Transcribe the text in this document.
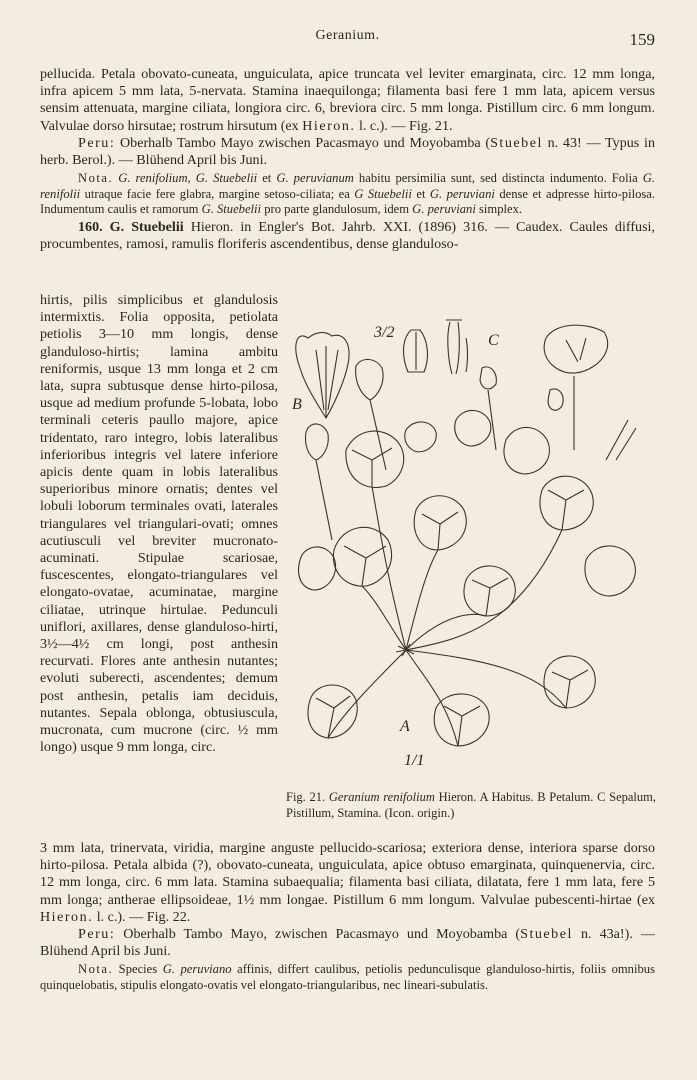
Geranium.	159

pellucida. Petala obovato-cuneata, unguiculata, apice truncata vel leviter emarginata, circ. 12 mm longa, infra apicem 5 mm lata, 5-nervata. Stamina inaequilonga; filamenta basi fere 1 mm lata, apicem versus sensim attenuata, margine ciliata, longiora circ. 6, breviora circ. 5 mm longa. Pistillum circ. 6 mm longum. Valvulae dorso hirsutae; rostrum hirsutum (ex Hieron. l. c.). — Fig. 21.

Peru: Oberhalb Tambo Mayo zwischen Pacasmayo und Moyobamba (Stuebel n. 43! — Typus in herb. Berol.). — Blühend April bis Juni.

Nota. G. renifolium, G. Stuebelii et G. peruvianum habitu persimilia sunt, sed distincta indumento. Folia G. renifolii utraque facie fere glabra, margine setoso-ciliata; ea G Stuebelii et G. peruviani dense et adpresse hirto-pilosa. Indumentum caulis et ramorum G. Stuebelii pro parte glandulosum, idem G. peruviani simplex.

160. G. Stuebelii Hieron. in Engler's Bot. Jahrb. XXI. (1896) 316. — Caudex. Caules diffusi, procumbentes, ramosi, ramulis floriferis ascendentibus, dense glanduloso-

hirtis, pilis simplicibus et glandulosis intermixtis. Folia opposita, petiolata petiolis 3—10 mm longis, dense glanduloso-hirtis; lamina ambitu reniformis, usque 13 mm longa et 2 cm lata, supra subtusque dense hirto-pilosa, usque ad medium profunde 5-lobata, lobo terminali ceteris paullo majore, apice tridentato, raro integro, lobis lateralibus inferioribus integris vel latere inferiore apicis dente quam in lobis lateralibus superioribus minore ornatis; dentes vel lobuli loborum terminales ovati, laterales triangulares vel triangulari-ovati; omnes acutiusculi vel breviter mucronato-acuminati. Stipulae scariosae, fuscescentes, elongato-triangulares vel elongato-ovatae, acuminatae, margine ciliatae, utrinque hirtulae. Pedunculi uniflori, axillares, dense glanduloso-hirti, 3½—4½ cm longi, post anthesin recurvati. Flores ante anthesin nutantes; evoluti suberecti, ascendentes; demum post anthesin, petalis iam deciduis, nutantes. Sepala oblonga, obtusiuscula, mucronata, cum mucrone (circ. ½ mm longo) usque 9 mm longa, circ.

3/2
B
C
A
1/1
Fig. 21. Geranium renifolium Hieron. A Habitus. B Petalum. C Sepalum, Pistillum, Stamina. (Icon. origin.)

3 mm lata, trinervata, viridia, margine anguste pellucido-scariosa; exteriora dense, interiora sparse dorso hirto-pilosa. Petala albida (?), obovato-cuneata, unguiculata, apice obtuso emarginata, quinquenervia, circ. 12 mm longa, circ. 6 mm lata. Stamina subaequalia; filamenta basi ciliata, dilatata, fere 1 mm lata, fere 5 mm longa; antherae ellipsoideae, 1½ mm longae. Pistillum 6 mm longum. Valvulae pubescenti-hirtae (ex Hieron. l. c.). — Fig. 22.

Peru: Oberhalb Tambo Mayo, zwischen Pacasmayo und Moyobamba (Stuebel n. 43a!). — Blühend April bis Juni.

Nota. Species G. peruviano affinis, differt caulibus, petiolis pedunculisque glanduloso-hirtis, foliis omnibus quinquelobatis, stipulis elongato-ovatis vel elongato-triangularibus, nec lineari-subulatis.
